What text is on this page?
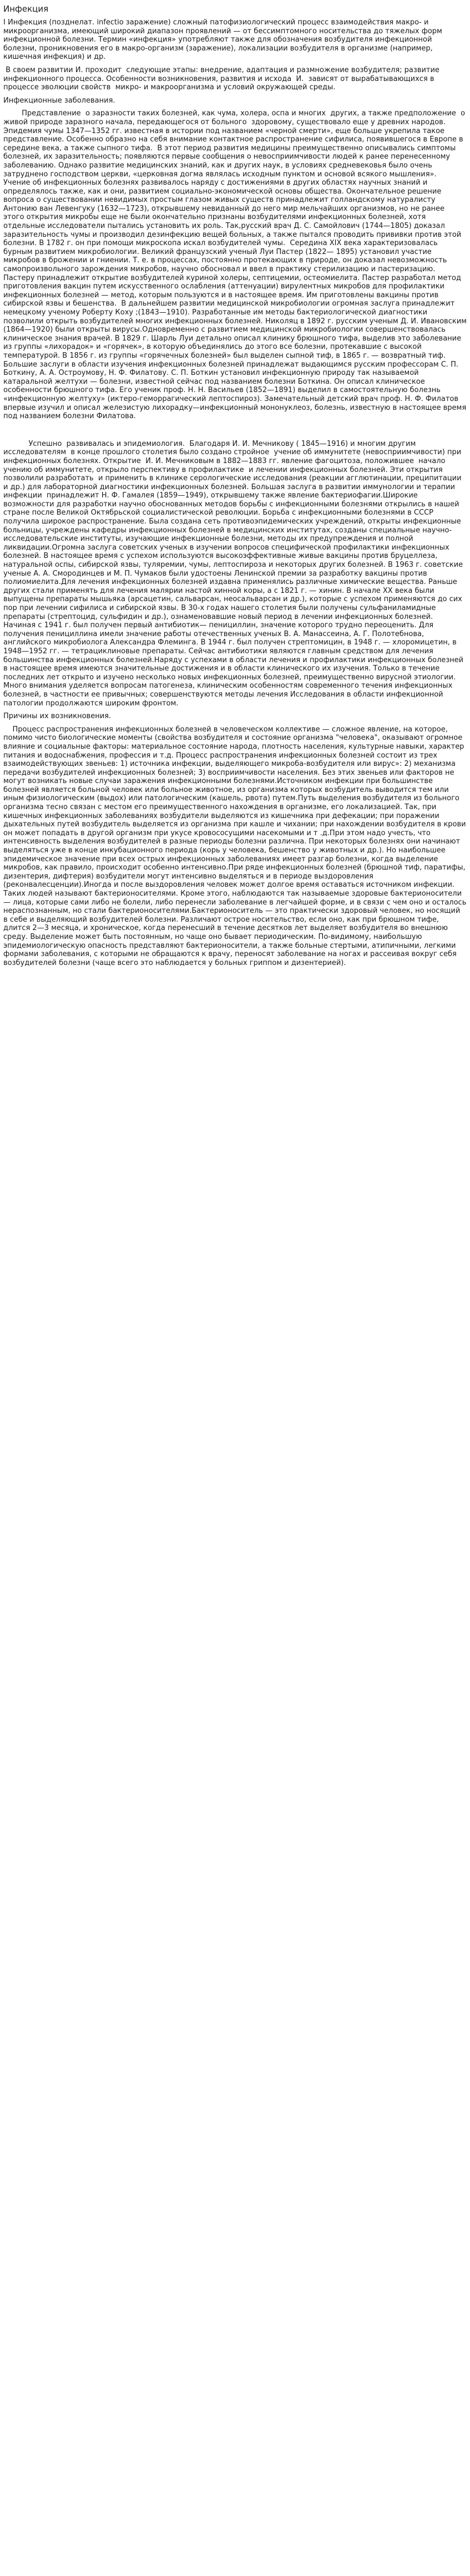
Инфекция

I Инфекция (позднелат. infectio заражение) сложный патофизиологический процесс взаимодействия макро- и микроорганизма, имеющий широкий диапазон проявлений — от бессимптомного носительства до тяжелых форм инфекционной болезни. Термин «инфекция» употребляют также для обозначения возбудителя инфекционной болезни, проникновения его в макро-организм (заражение), локализации возбудителя в организме (например, кишечная инфекция) и др.

В своем развитии И. проходит  следующие этапы: внедрение, адаптация и размножение возбудителя; развитие  инфекционного процесса. Особенности возникновения, развития и исхода  И.  зависят от вырабатывающихся в процессе эволюции свойств  микро- и макроорганизма и условий окружающей среды.

Инфекционные заболевания.

Представление  о заразности таких болезней, как чума, холера, оспа и многих  других, а также предположение  о живой природе заразного начала, передающегося от больного  здоровому, существовало еще у древних народов. Эпидемия чумы 1347—1352 гг. известная в истории под названием «черной смерти», еще больше укрепила такое представление. Особенно образно на себя внимание контактное распространение сифилиса, появившегося в Европе в середине века, а также сыпного тифа.  В этот период развития медицины преимущественно описывались симптомы болезней, их заразительность; появляются первые сообщения о невосприимчивости людей к ранее перенесенному заболеванию. Однако развитие медицинских знаний, как и других наук, в условиях средневековья было очень затруднено господством церкви, «церковная догма являлась исходным пунктом и основой всякого мышления».  Учение об инфекционных болезнях развивалось наряду с достижениями в других областях научных знаний и определялось также, как и они, развитием социально-экономической основы общества. Окончательное решение вопроса о существовании невидимых простым глазом живых существ принадлежит голландскому натуралисту Антонию ван Левенгуку (1632—1723), открывшему невиданный до него мир мельчайших организмов, но не ранее этого открытия микробы еще не были окончательно признаны возбудителями инфекционных болезней, хотя отдельные исследователи пытались установить их роль. Так,русский врач Д. С. Самойлович (1744—1805) доказал заразительность чумы и производил дезинфекцию вещей больных, а также пытался проводить прививки против этой болезни. В 1782 г. он при помощи микроскопа искал возбудителей чумы.  Середина XIX века характеризовалась бурным развитием микробиологии. Великий французский ученый Луи Пастер (1822— 1895) установил участие микробов в брожении и гниении. Т. е. в процессах, постоянно протекающих в природе, он доказал невозможность самопроизвольного зарождения микробов, научно обосновал и ввел в практику стерилизацию и пастеризацию. Пастеру принадлежит открытие возбудителей куриной холеры, септицемии, остеомиелита. Пастер разработал метод приготовления вакцин путем искусственного ослабления (аттенуации) вирулентных микробов для профилактики инфекционных болезней — метод, которым пользуются и в настоящее время. Им приготовлены вакцины против сибирской язвы и бешенства.  В дальнейшем развитии медицинской микробиологии огромная заслуга принадлежит немецкому ученому Роберту Коху ;(1843—1910). Разработанные им методы бактериологической диагностики позволили открыть возбудителей многих инфекционных болезней. Николяц в 1892 г. русским ученым Д. И. Ивановским (1864—1920) были открыты вирусы.Одновременно с развитием медицинской микробиологии совершенствовалась клиническое знания врачей. В 1829 г. Шарль Луи детально описал клинику брюшного тифа, выделив это заболевание из группы «лихорадок» и «горячек», в которую объединялись до этого все болезни, протекавшие с высокой температурой. В 1856 г. из группы «горячечных болезней» был выделен сыпной тиф, в 1865 г. — возвратный тиф. Большие заслуги в области изучения инфекционных болезней принадлежат выдающимся русским профессорам С. П. Боткину, А. А. Остроумову, Н. Ф. Филатову. С. П. Боткин установил инфекционную природу так называемой катаральной желтухи — болезни, известной сейчас под названием болезни Боткина. Он описал клиническое особенности брюшного тифа. Его ученик проф. Н. Н. Васильев (1852—1891) выделил в самостоятельную болезнь «инфекционную желтуху» (иктеро-геморрагический лептоспироз). Замечательный детский врач проф. Н. Ф. Филатов впервые изучил и описал железистую лихорадку—инфекционный мононуклеоз, болезнь, известную в настоящее время под названием болезни Филатова.

Успешно  развивалась и эпидемиология.  Благодаря И. И. Мечникову ( 1845—1916) и многим другим исследователям  в конце прошлого столетия было создано стройное  учение об иммунитете (невосприимчивости) при инфекционных болезнях. Открытие  И. И. Мечниковым в 1882—1883 гг. явление фагоцитоза, положившее  начало учению об иммунитете, открыло перспективу в профилактике  и лечении инфекционных болезней. Эти открытия позволили разработать  и применить в клинике серологические исследования (реакции агглютинации, преципитации и др.) для лабораторной диагностики инфекционных болезней. Большая заслуга в развитии иммунологии и терапии инфекции  принадлежит Н. Ф. Гамалея (1859—1949), открывшему также явление бактериофагии.Широкие возможности для разработки научно обоснованных методов борьбы с инфекционными болезнями открылись в нашей стране после Великой Октябрьской социалистической революции. Борьба с инфекционными болезнями в СССР получила широкое распространение. Была создана сеть противоэпидемических учреждений, открыты инфекционные больницы, учреждены кафедры инфекционных болезней в медицинских институтах, созданы специальные научно-исследовательские институты, изучающие инфекционные болезни, методы их предупреждения и полной ликвидации.Огромна заслуга советских ученых в изучении вопросов специфической профилактики инфекционных болезней. В настоящее время с успехом используются высокоэффективные живые вакцины против бруцеллеза, натуральной оспы, сибирской язвы, туляремии, чумы, лептоспироза и некоторых других болезней. В 1963 г. советские ученые А. А. Смородинцев и М. П. Чумаков были удостоены Ленинской премии за разработку вакцины против полиомиелита.Для лечения инфекционных болезней издавна применялись различные химические вещества. Раньше других стали применять для лечения малярии настой хинной коры, а с 1821 г. — хинин. В начале XX века были выпущены препараты мышьяка (арсацетин, сальварсан, неосальварсан и др.), которые с успехом применяются до сих пор при лечении сифилиса и сибирской язвы. В 30-х годах нашего столетия были получены сульфаниламидные препараты (стрептоцид, сульфидин и др.), ознаменовавшие новый период в лечении инфекционных болезней. Начиная с 1941 г. был получен первый антибиотик— пенициллин, значение которого трудно переоценить. Для получения пенициллина имели значение работы отечественных ученых В. А. Манассеина, А. Г. Полотебнова, английского микробиолога Александра Флеминга. В 1944 г. был получен стрептомицин, в 1948 г. — хлоромицетин, в 1948—1952 гг. — тетрациклиновые препараты. Сейчас антибиотики являются главным средством для лечения большинства инфекционных болезней.Наряду с успехами в области лечения и профилактики инфекционных болезней в настоящее время имеются значительные достижения и в области клинического их изучения. Только в течение последних лет открыто и изучено несколько новых инфекционных болезней, преимущественно вирусной этиологии. Много внимания уделяется вопросам патогенеза, клиническим особенностям современного течения инфекционных болезней, в частности ее привычных; совершенствуются методы лечения Исследования в области инфекционной патологии продолжаются широким фронтом.

Причины их возникновения.

Процесс распространения инфекционных болезней в человеческом коллективе — сложное явление, на которое, помимо чисто биологические моменты (свойства возбудителя и состояние организма "человека", оказывают огромное влияние и социальные факторы: материальное состояние народа, плотность населения, культурные навыки, характер питания и водоснабжения, профессия и т.д. Процесс распространения инфекционных болезней состоит из трех взаимодействующих звеньев: 1) источника инфекции, выделяющего микроба-возбудителя или вирус»: 2) механизма передачи возбудителей инфекционных болезней; 3) восприимчивости населения. Без этих звеньев или факторов не могут возникать новые случаи заражения инфекционными болезнями.Источником инфекции при большинстве болезней является больной человек или больное животное, из организма которых возбудитель выводится тем или иным физиологическим (выдох) или патологическим (кашель, рвота) путем.Путь выделения возбудителя из больного организма тесно связан с местом его преимущественного нахождения в организме, его локализацией. Так, при кишечных инфекционных заболеваниях возбудители выделяются из кишечника при дефекации; при поражении дыхательных путей возбудитель выделяется из организма при кашле и чихании; при нахождении возбудителя в крови он может попадать в другой организм при укусе кровососущими насекомыми и т .д.При этом надо учесть, что интенсивность выделения возбудителей в разные периоды болезни различна. При некоторых болезнях они начинают выделяться уже в конце инкубационного периода (корь у человека, бешенство у животных и др.). Но наибольшее эпидемическое значение при всех острых инфекционных заболеваниях имеет разгар болезни, когда выделение микробов, как правило, происходит особенно интенсивно.При ряде инфекционных болезней (брюшной тиф, паратифы, дизентерия, дифтерия) возбудители могут интенсивно выделяться и в периоде выздоровления (реконвалесценции).Иногда и после выздоровления человек может долгое время оставаться источником инфекции. Таких людей называют бактерионосителями. Кроме этого, наблюдаются так называемые здоровые бактерионосители — лица, которые сами либо не болели, либо перенесли заболевание в легчайшей форме, и в связи с чем оно и осталось нераспознанным, но стали бактерионосителями.Бактерионоситель — это практически здоровый человек, но носящий в себе и выделяющий возбудителей болезни. Различают острое носительство, если оно, как при брюшном тифе, длится 2—3 месяца, и хроническое, когда перенесший в течение десятков лет выделяет возбудителя во внешнюю среду. Выделение может быть постоянным, но чаще оно бывает периодическим. По-видимому, наибольшую эпидемиологическую опасность представляют бактерионосители, а также больные стертыми, атипичными, легкими формами заболевания, с которыми не обращаются к врачу, переносят заболевание на ногах и рассеивая вокруг себя возбудителей болезни (чаще всего это наблюдается у больных гриппом и дизентерией).
